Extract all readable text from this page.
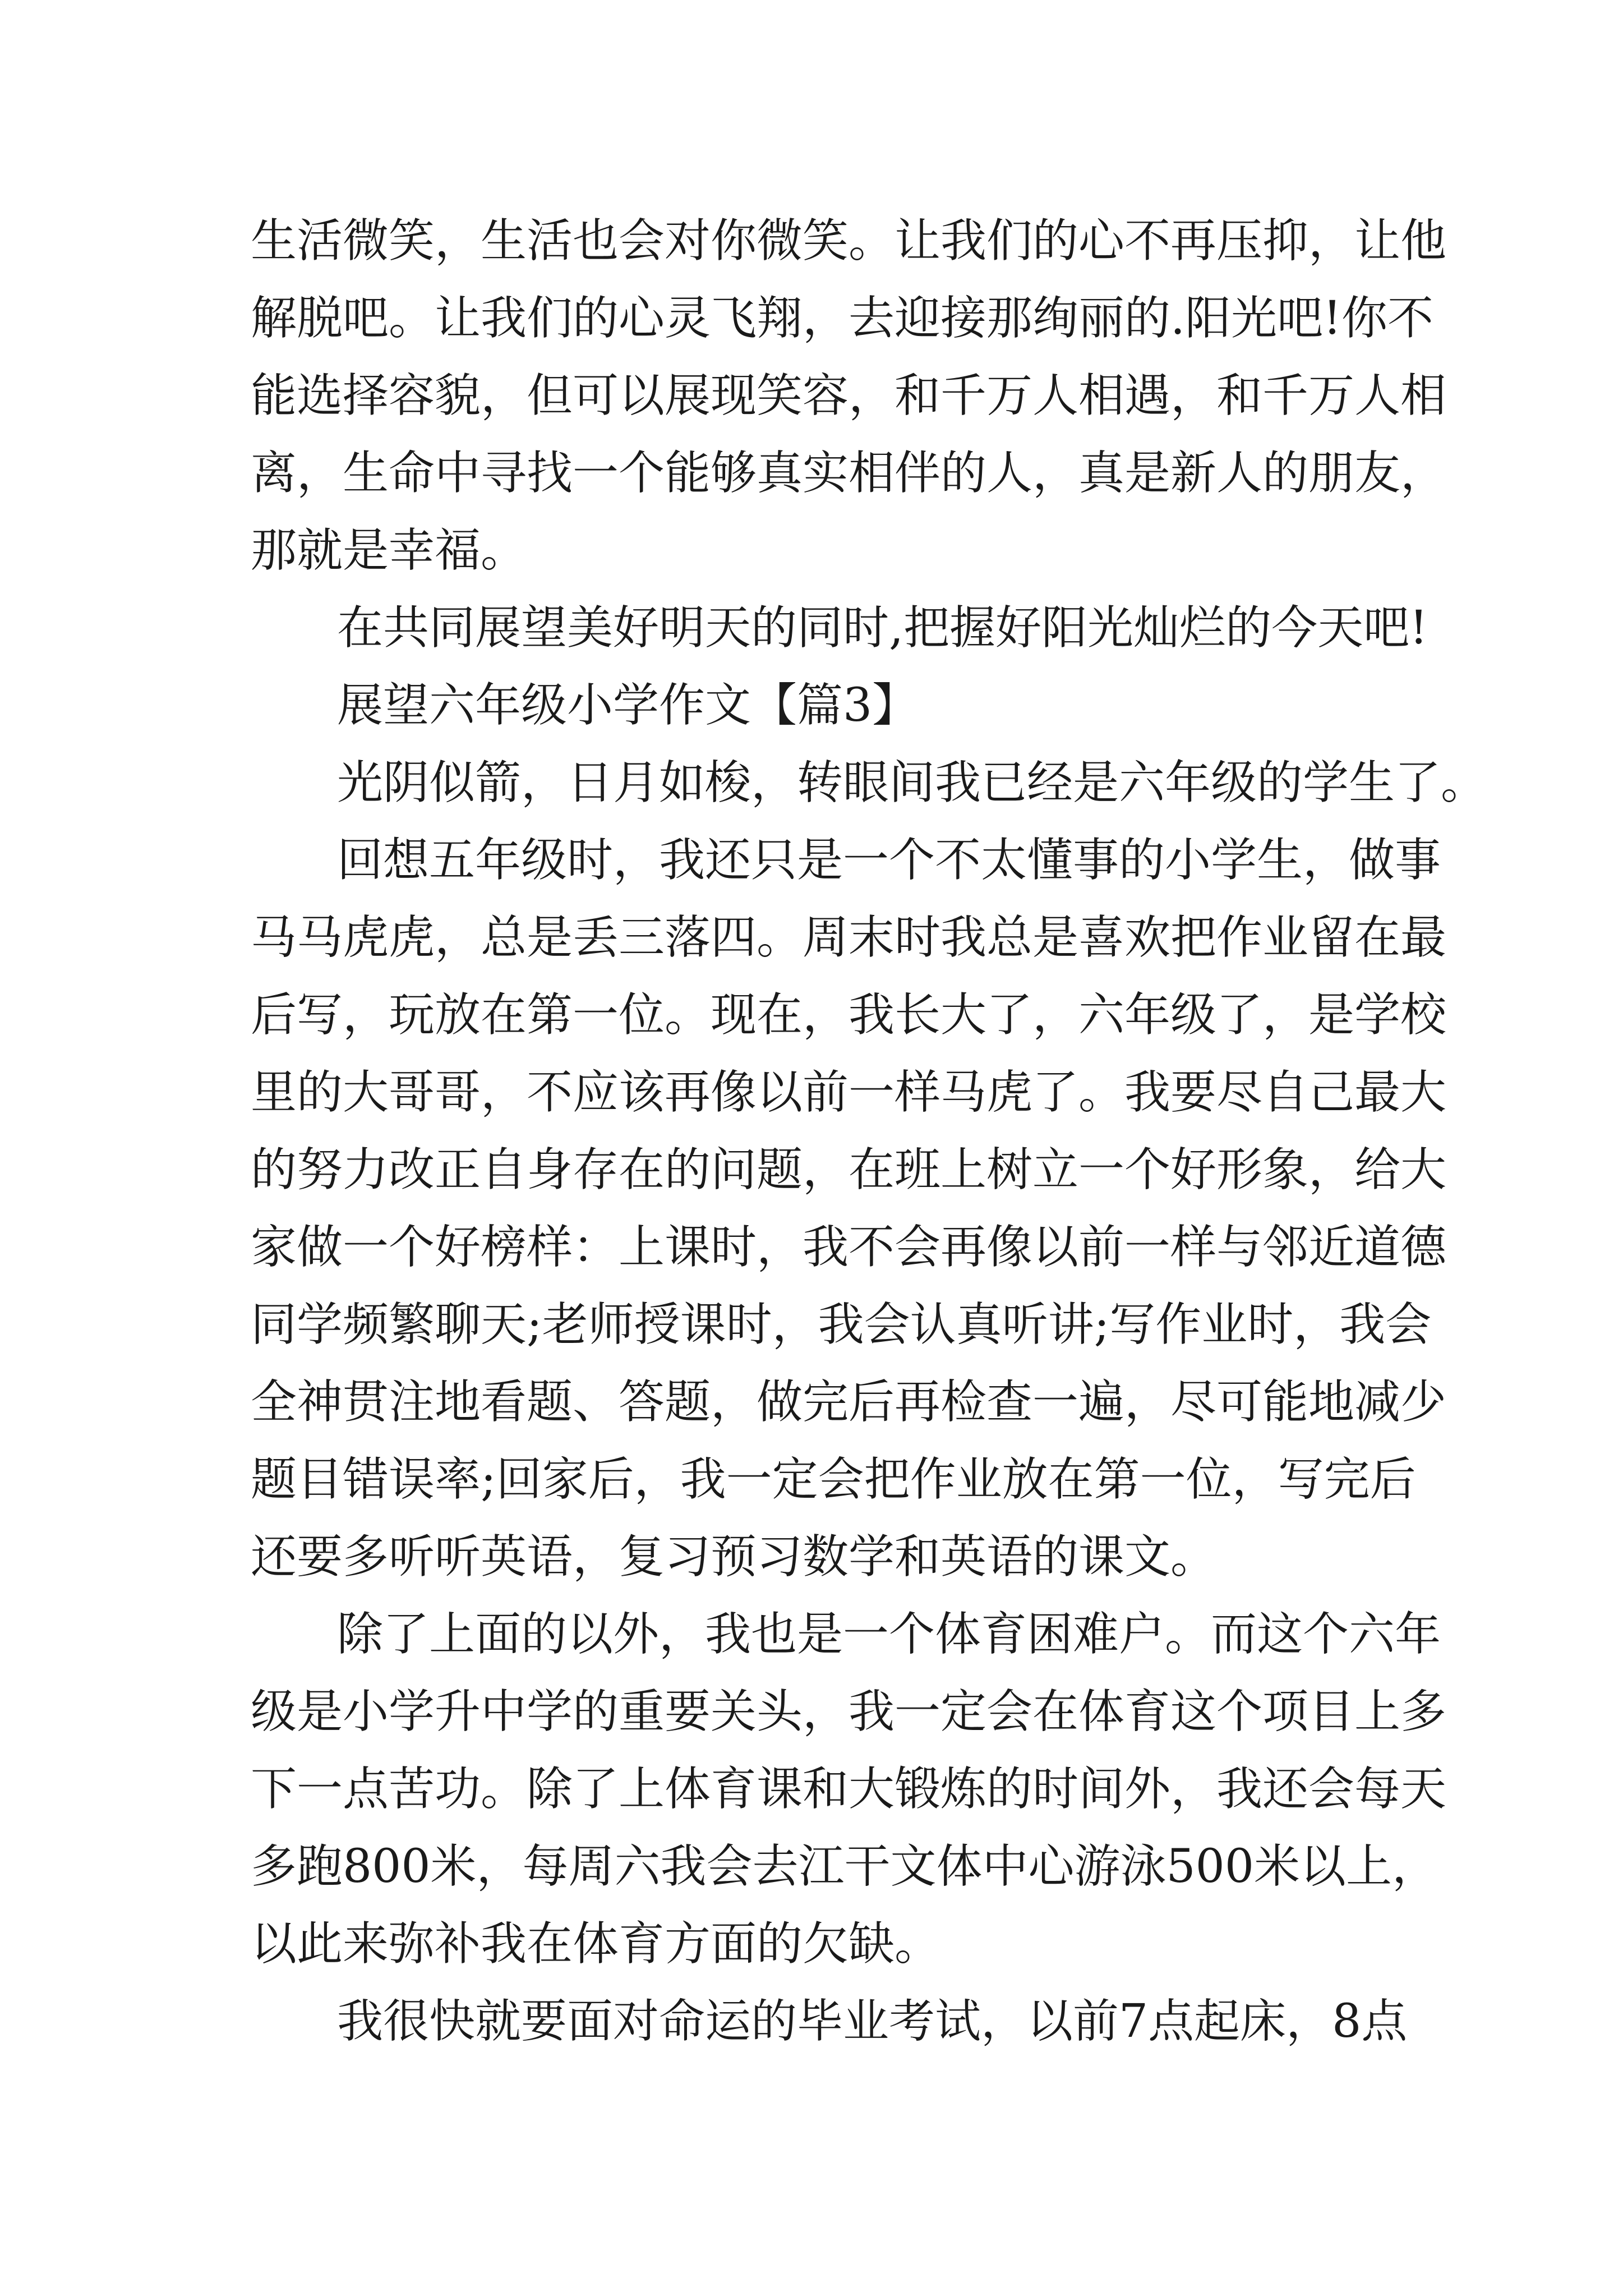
生活微笑，生活也会对你微笑。让我们的心不再压抑，让他
解脱吧。让我们的心灵飞翔，去迎接那绚丽的.阳光吧!你不
能选择容貌，但可以展现笑容，和千万人相遇，和千万人相
离，生命中寻找一个能够真实相伴的人，真是新人的朋友，
那就是幸福。
在共同展望美好明天的同时,把握好阳光灿烂的今天吧!
展望六年级小学作文【篇3】
光阴似箭，日月如梭，转眼间我已经是六年级的学生了。
回想五年级时，我还只是一个不太懂事的小学生，做事
马马虎虎，总是丢三落四。周末时我总是喜欢把作业留在最
后写，玩放在第一位。现在，我长大了，六年级了，是学校
里的大哥哥，不应该再像以前一样马虎了。我要尽自己最大
的努力改正自身存在的问题，在班上树立一个好形象，给大
家做一个好榜样：上课时，我不会再像以前一样与邻近道德
同学频繁聊天;老师授课时，我会认真听讲;写作业时，我会
全神贯注地看题、答题，做完后再检查一遍，尽可能地减少
题目错误率;回家后，我一定会把作业放在第一位，写完后
还要多听听英语，复习预习数学和英语的课文。
除了上面的以外，我也是一个体育困难户。而这个六年
级是小学升中学的重要关头，我一定会在体育这个项目上多
下一点苦功。除了上体育课和大锻炼的时间外，我还会每天
多跑800米，每周六我会去江干文体中心游泳500米以上，
以此来弥补我在体育方面的欠缺。
我很快就要面对命运的毕业考试，以前7点起床，8点
